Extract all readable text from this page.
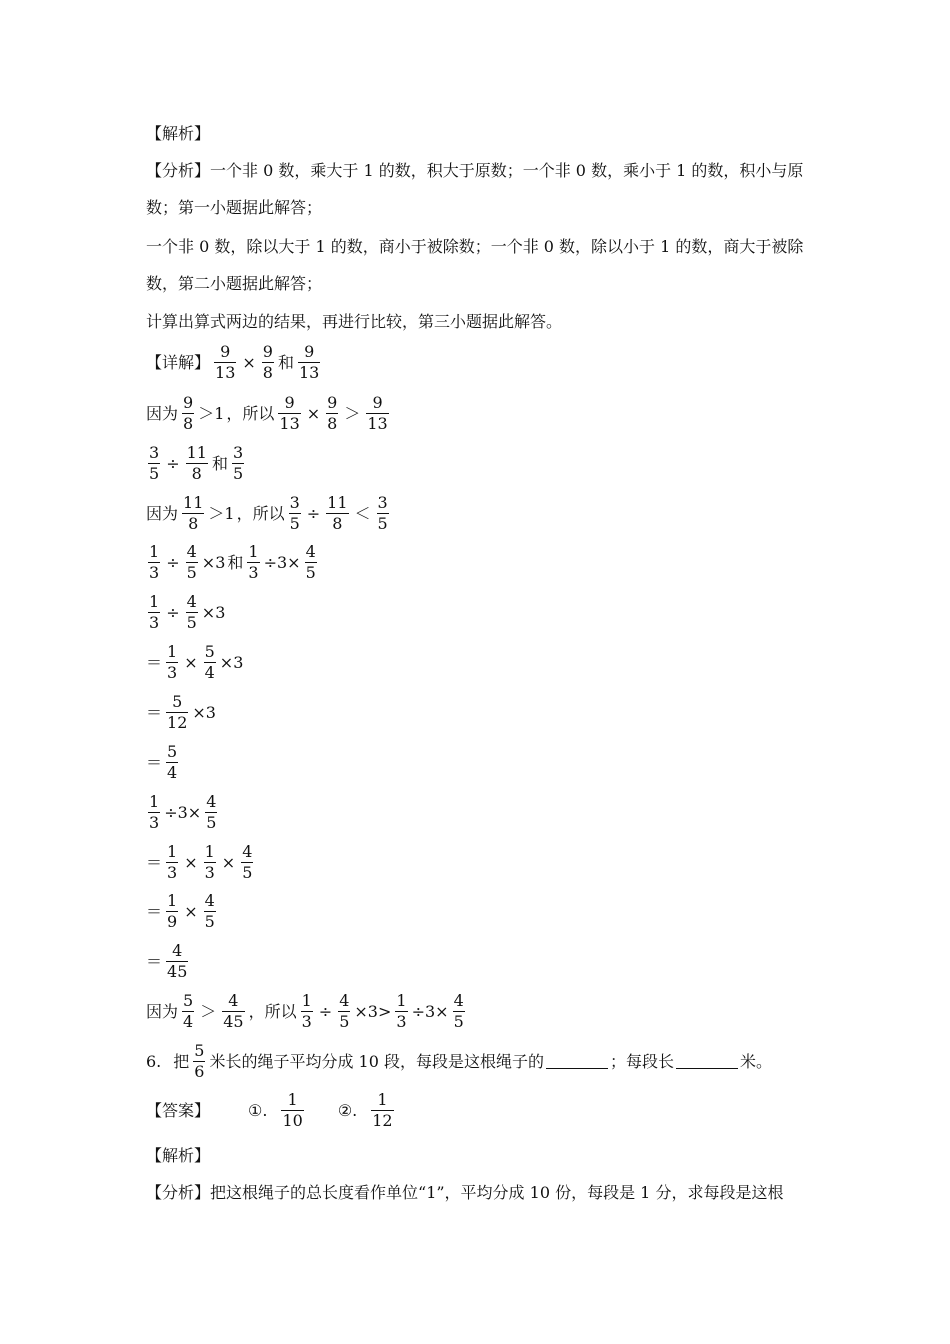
【解析】
【分析】一个非 0 数，乘大于 1 的数，积大于原数；一个非 0 数，乘小于 1 的数，积小与原
数；第一小题据此解答；
一个非 0 数，除以大于 1 的数，商小于被除数；一个非 0 数，除以小于 1 的数，商大于被除
数，第二小题据此解答；
计算出算式两边的结果，再进行比较，第三小题据此解答。
【详解】 $\frac{9}{13} \times \frac{9}{8}$ 和 $\frac{9}{13}$
因为 $\frac{9}{8} >1$ ，所以 $\frac{9}{13} \times \frac{9}{8} > \frac{9}{13}$
$\frac{3}{5} \div \frac{11}{8}$ 和 $\frac{3}{5}$
因为 $\frac{11}{8} >1$ ，所以 $\frac{3}{5} \div \frac{11}{8} < \frac{3}{5}$
$\frac{1}{3} \div \frac{4}{5} \times 3$ 和 $\frac{1}{3} \div 3\times \frac{4}{5}$
$\frac{1}{3} \div \frac{4}{5} \times 3$
＝ $\frac{1}{3} \times \frac{5}{4} \times 3$
＝ $\frac{5}{12} \times 3$
＝ $\frac{5}{4}$
$\frac{1}{3} \div 3\times \frac{4}{5}$
＝ $\frac{1}{3} \times \frac{1}{3} \times \frac{4}{5}$
＝ $\frac{1}{9} \times \frac{4}{5}$
＝ $\frac{4}{45}$
因为 $\frac{5}{4} > \frac{4}{45}$ ，所以 $\frac{1}{3} \div \frac{4}{5} \times 3> \frac{1}{3} \div 3\times \frac{4}{5}$
6. 把 $\frac{5}{6}$ 米长的绳子平均分成 10 段，每段是这根绳子的	；每段长	米。
【答案】 ①. $\frac{1}{10}$ ②. $\frac{1}{12}$
【解析】
【分析】把这根绳子的总长度看作单位“1”，平均分成 10 份，每段是 1 分，求每段是这根
